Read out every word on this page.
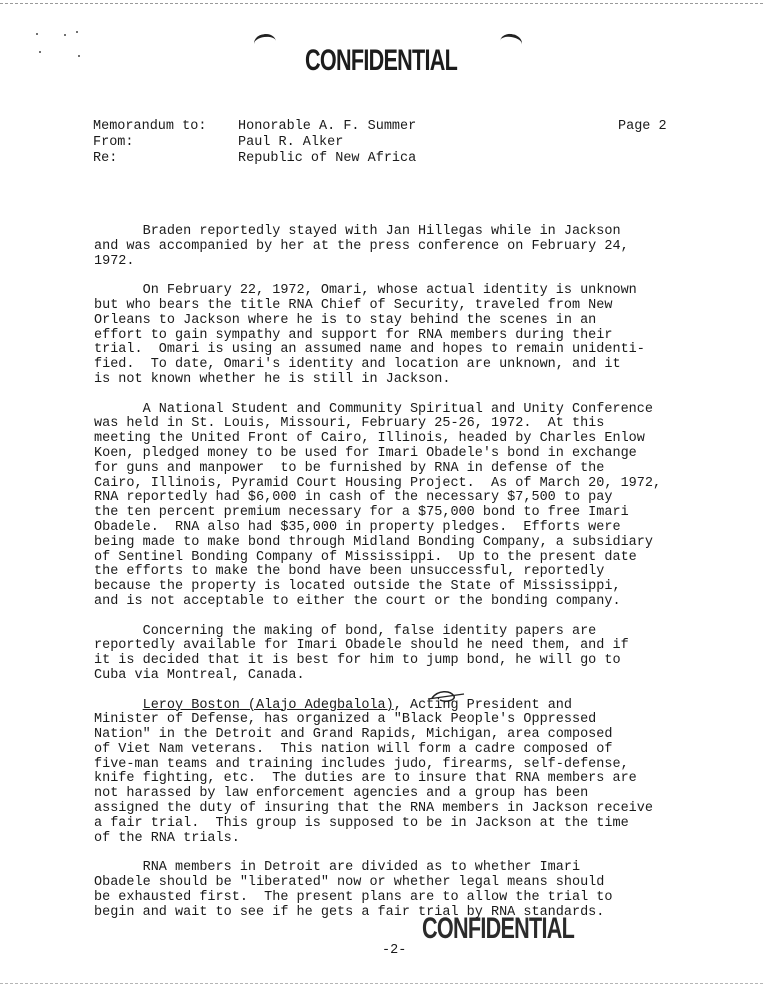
CONFIDENTIAL
Memorandum to:	Honorable A. F. Summer
From:	Paul R. Alker
Re:	Republic of New Africa
Page 2
Braden reportedly stayed with Jan Hillegas while in Jackson
and was accompanied by her at the press conference on February 24,
1972.
On February 22, 1972, Omari, whose actual identity is unknown
but who bears the title RNA Chief of Security, traveled from New
Orleans to Jackson where he is to stay behind the scenes in an
effort to gain sympathy and support for RNA members during their
trial.  Omari is using an assumed name and hopes to remain unidenti-
fied.  To date, Omari's identity and location are unknown, and it
is not known whether he is still in Jackson.
A National Student and Community Spiritual and Unity Conference
was held in St. Louis, Missouri, February 25-26, 1972.  At this
meeting the United Front of Cairo, Illinois, headed by Charles Enlow
Koen, pledged money to be used for Imari Obadele's bond in exchange
for guns and manpower  to be furnished by RNA in defense of the
Cairo, Illinois, Pyramid Court Housing Project.  As of March 20, 1972,
RNA reportedly had $6,000 in cash of the necessary $7,500 to pay
the ten percent premium necessary for a $75,000 bond to free Imari
Obadele.  RNA also had $35,000 in property pledges.  Efforts were
being made to make bond through Midland Bonding Company, a subsidiary
of Sentinel Bonding Company of Mississippi.  Up to the present date
the efforts to make the bond have been unsuccessful, reportedly
because the property is located outside the State of Mississippi,
and is not acceptable to either the court or the bonding company.
Concerning the making of bond, false identity papers are
reportedly available for Imari Obadele should he need them, and if
it is decided that it is best for him to jump bond, he will go to
Cuba via Montreal, Canada.
Leroy Boston (Alajo Adegbalola), Acting President and
Minister of Defense, has organized a "Black People's Oppressed
Nation" in the Detroit and Grand Rapids, Michigan, area composed
of Viet Nam veterans.  This nation will form a cadre composed of
five-man teams and training includes judo, firearms, self-defense,
knife fighting, etc.  The duties are to insure that RNA members are
not harassed by law enforcement agencies and a group has been
assigned the duty of insuring that the RNA members in Jackson receive
a fair trial.  This group is supposed to be in Jackson at the time
of the RNA trials.
RNA members in Detroit are divided as to whether Imari
Obadele should be "liberated" now or whether legal means should
be exhausted first.  The present plans are to allow the trial to
begin and wait to see if he gets a fair trial by RNA standards.
CONFIDENTIAL
-2-
